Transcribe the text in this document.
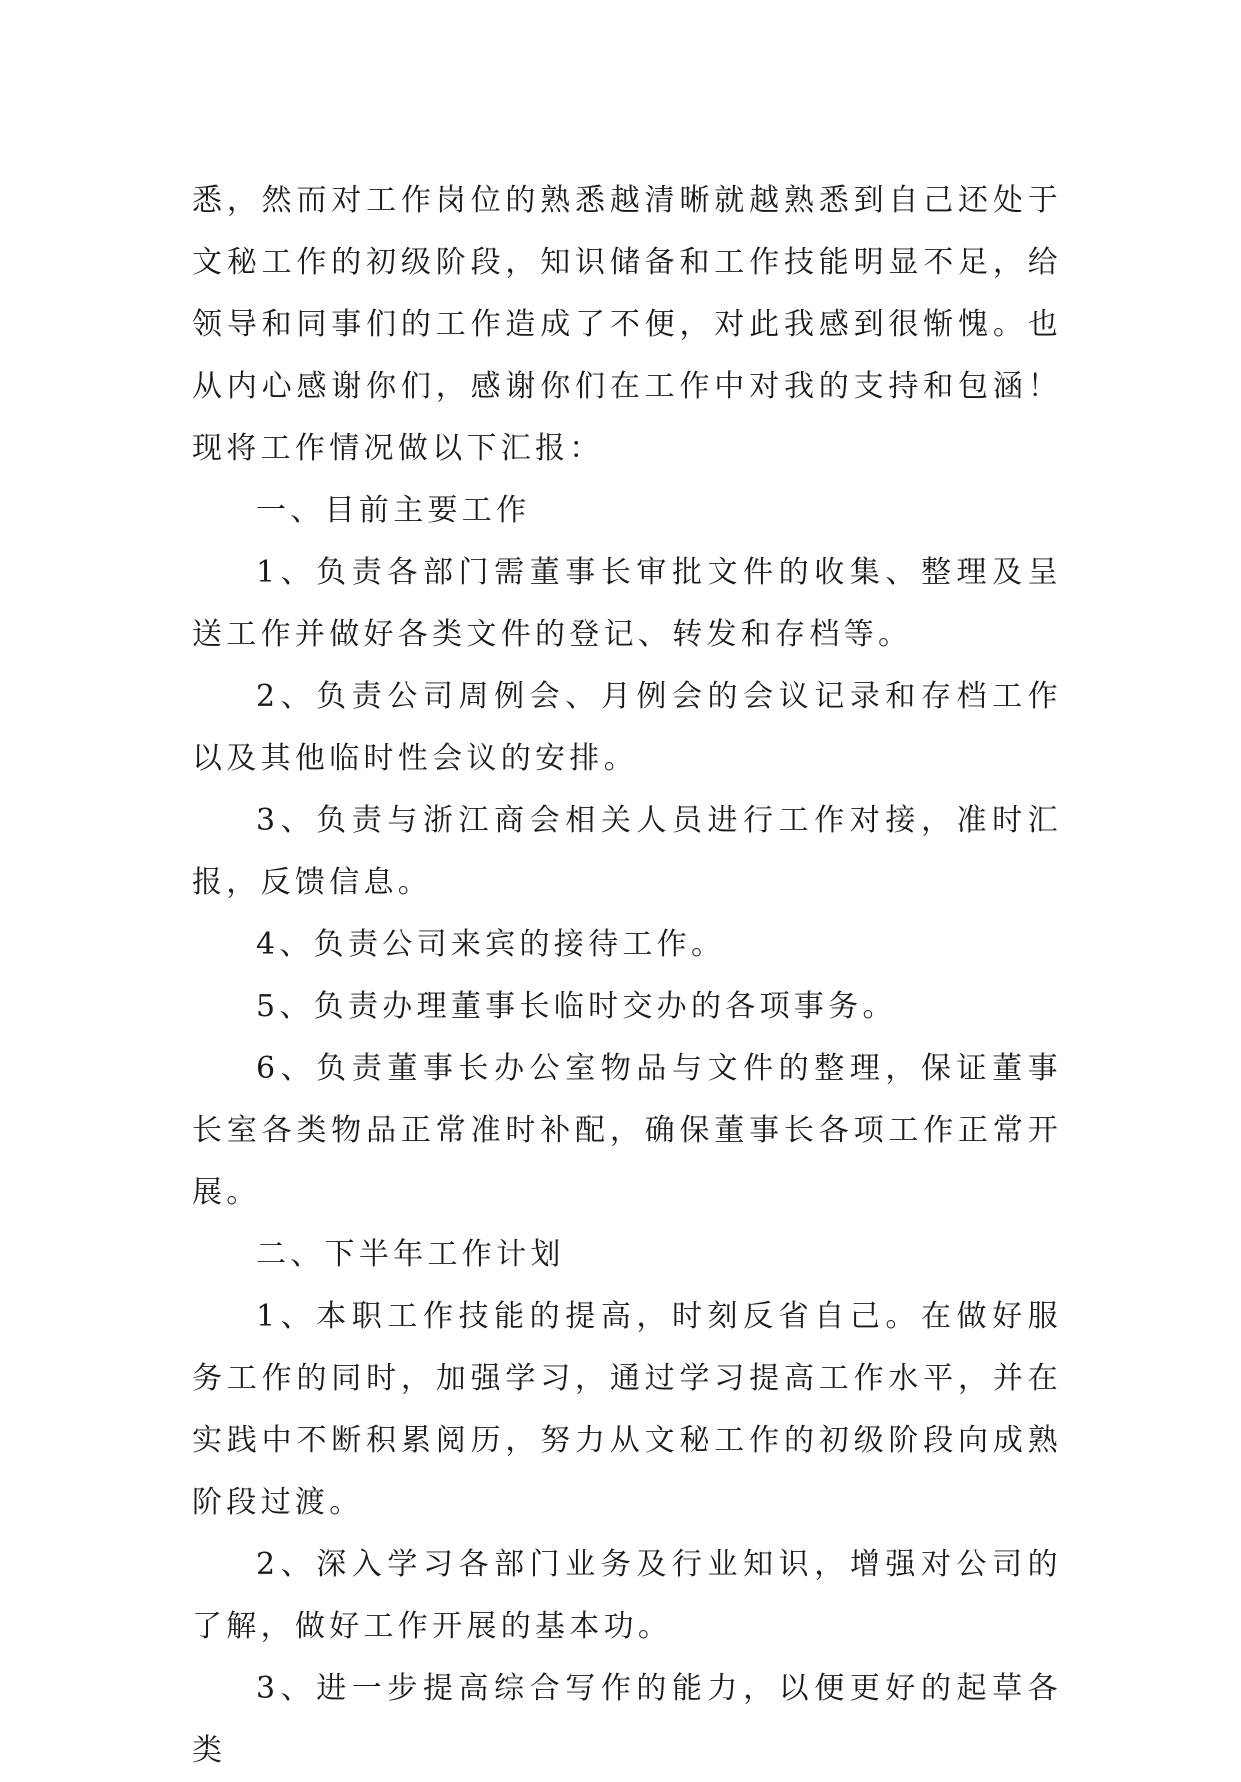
悉，然而对工作岗位的熟悉越清晰就越熟悉到自己还处于文秘工作的初级阶段，知识储备和工作技能明显不足，给领导和同事们的工作造成了不便，对此我感到很惭愧。也从内心感谢你们，感谢你们在工作中对我的支持和包涵！现将工作情况做以下汇报：

一、目前主要工作

1、负责各部门需董事长审批文件的收集、整理及呈送工作并做好各类文件的登记、转发和存档等。

2、负责公司周例会、月例会的会议记录和存档工作以及其他临时性会议的安排。

3、负责与浙江商会相关人员进行工作对接，准时汇报，反馈信息。

4、负责公司来宾的接待工作。

5、负责办理董事长临时交办的各项事务。

6、负责董事长办公室物品与文件的整理，保证董事长室各类物品正常准时补配，确保董事长各项工作正常开展。

二、下半年工作计划

1、本职工作技能的提高，时刻反省自己。在做好服务工作的同时，加强学习，通过学习提高工作水平，并在实践中不断积累阅历，努力从文秘工作的初级阶段向成熟阶段过渡。

2、深入学习各部门业务及行业知识，增强对公司的了解，做好工作开展的基本功。

3、进一步提高综合写作的能力，以便更好的起草各类
